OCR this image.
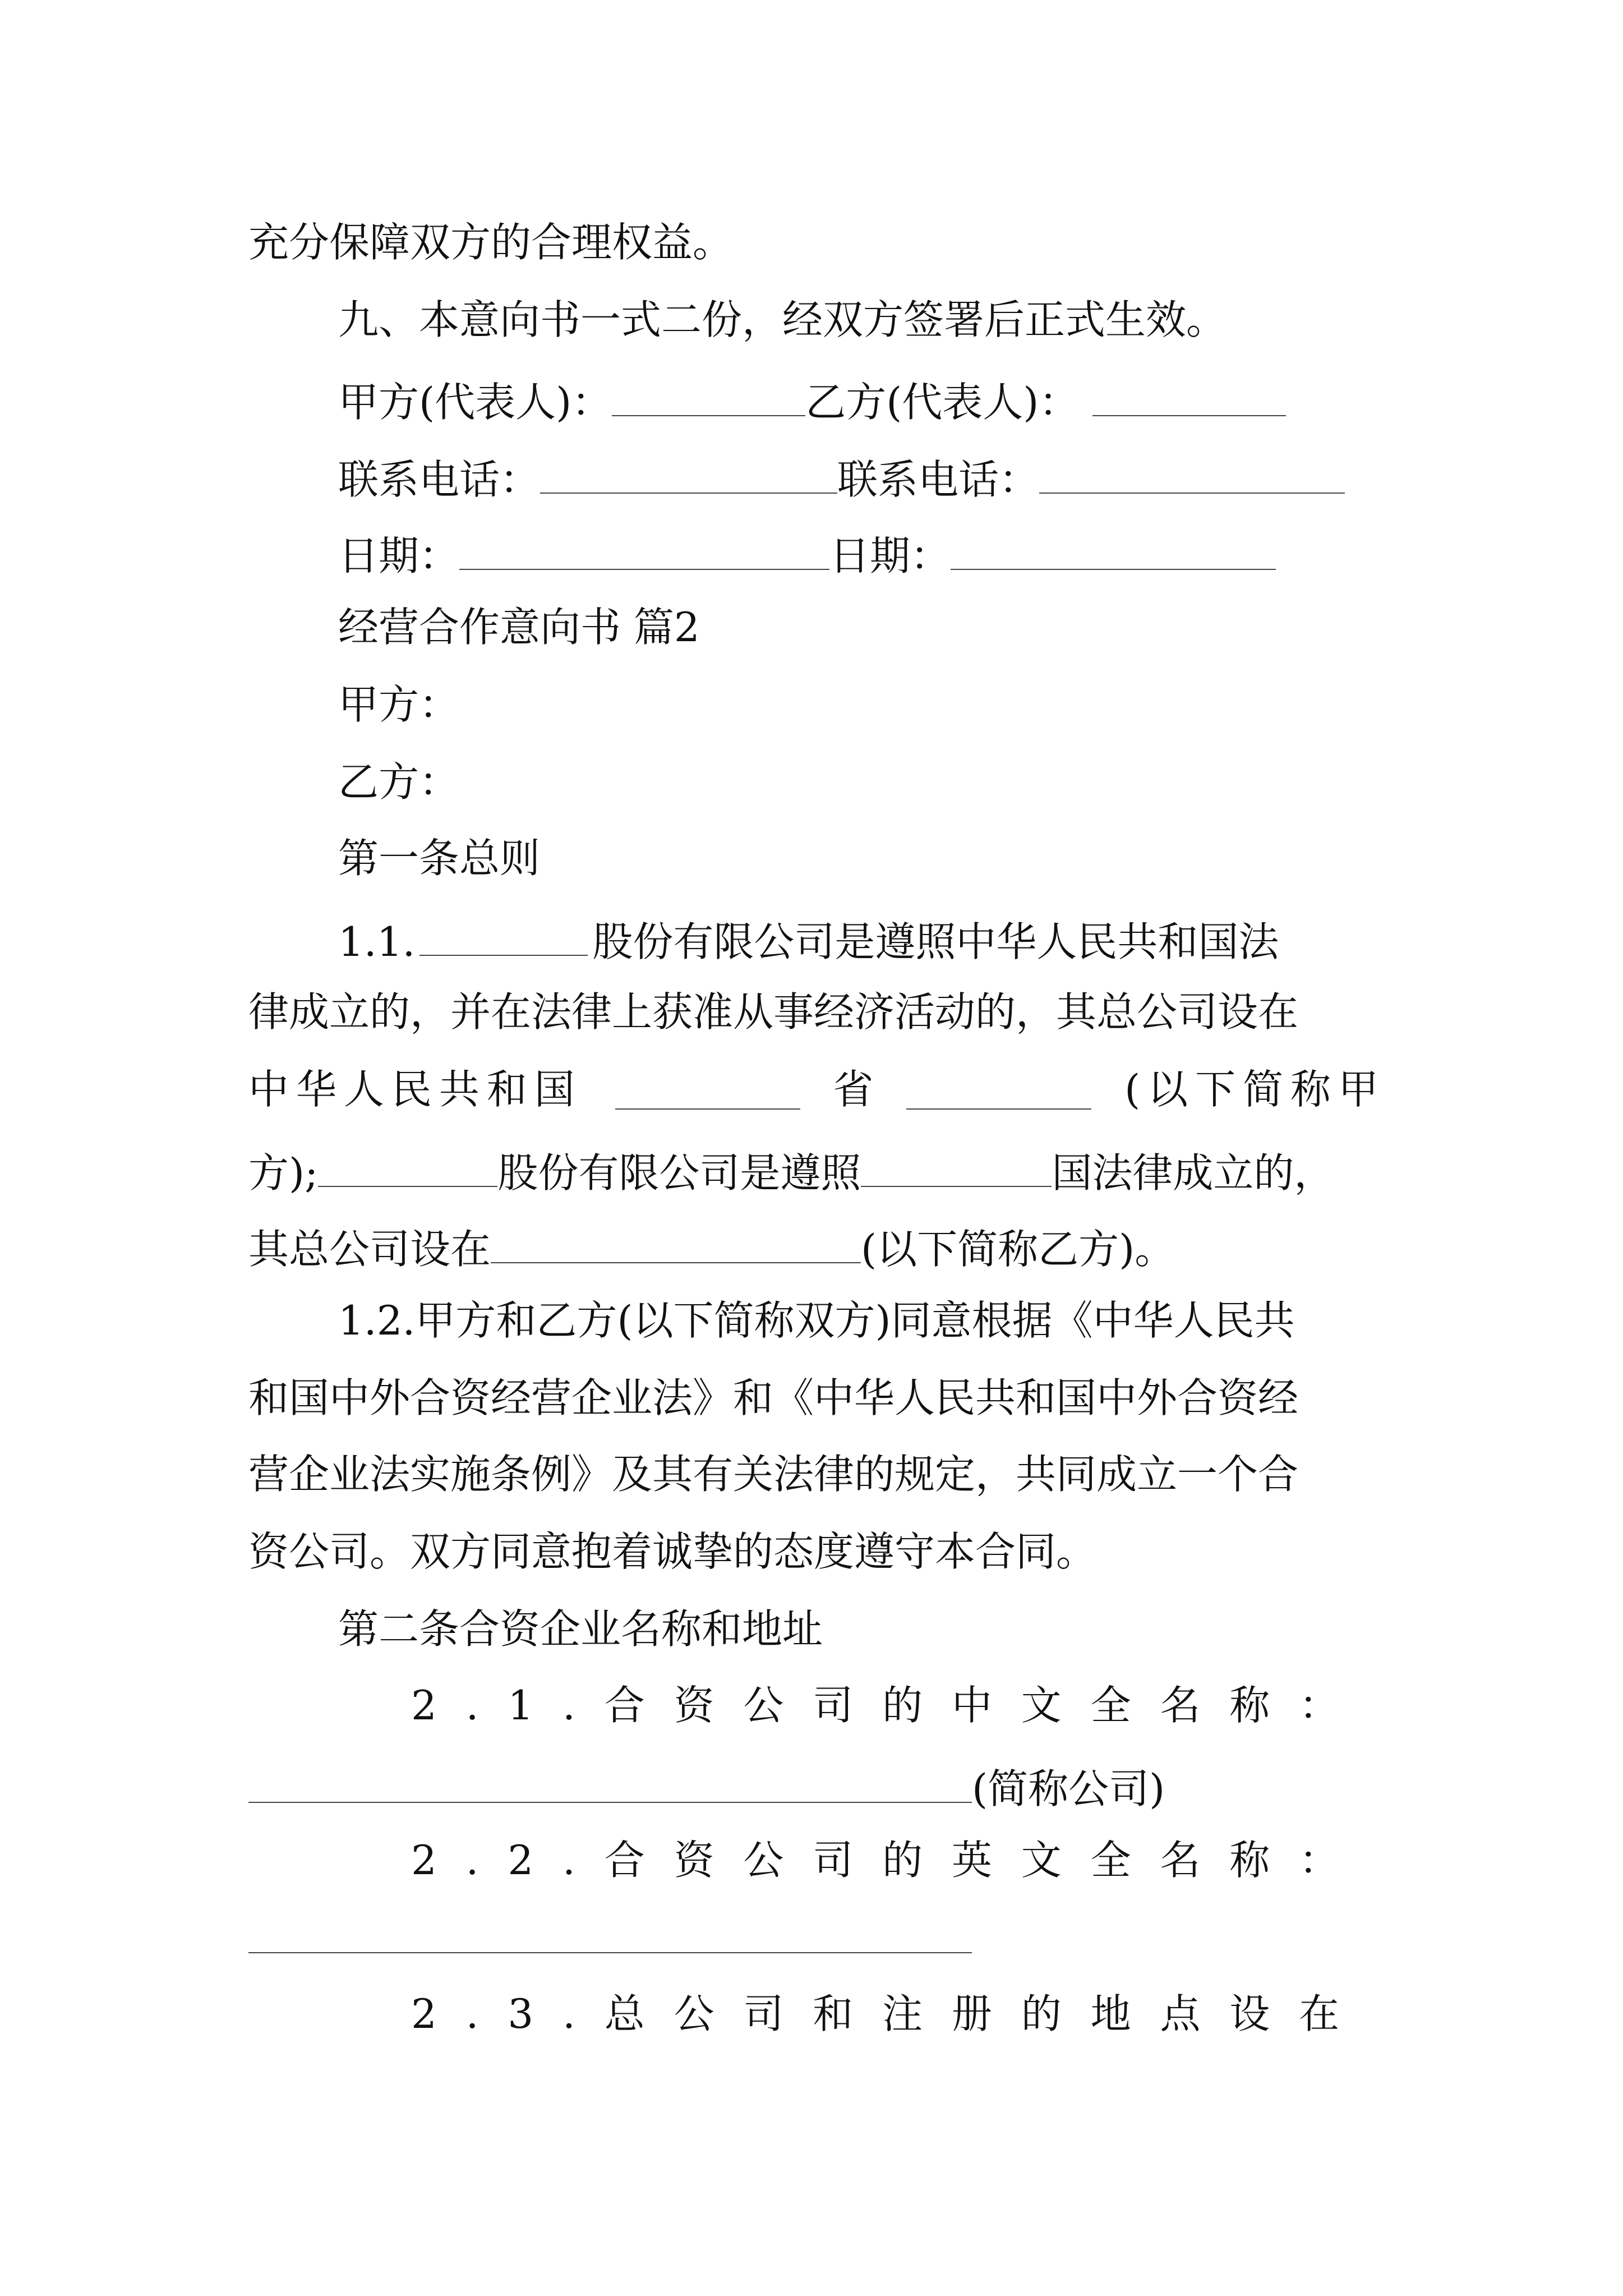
充分保障双方的合理权益。
九、本意向书一式二份，经双方签署后正式生效。
甲方(代表人)：	乙方(代表人)：
联系电话：	联系电话：
日期：	日期：
经营合作意向书 篇2
甲方：
乙方：
第一条总则
1.1.	股份有限公司是遵照中华人民共和国法
律成立的，并在法律上获准从事经济活动的，其总公司设在
中华人民共和国	省	(以下简称甲
方);	股份有限公司是遵照	国法律成立的，
其总公司设在	(以下简称乙方)。
1.2.甲方和乙方(以下简称双方)同意根据《中华人民共
和国中外合资经营企业法》和《中华人民共和国中外合资经
营企业法实施条例》及其有关法律的规定，共同成立一个合
资公司。双方同意抱着诚挚的态度遵守本合同。
第二条合资企业名称和地址
2.1.合资公司的中文全名称：
(简称公司)
2.2.合资公司的英文全名称：
2.3.总公司和注册的地点设在
